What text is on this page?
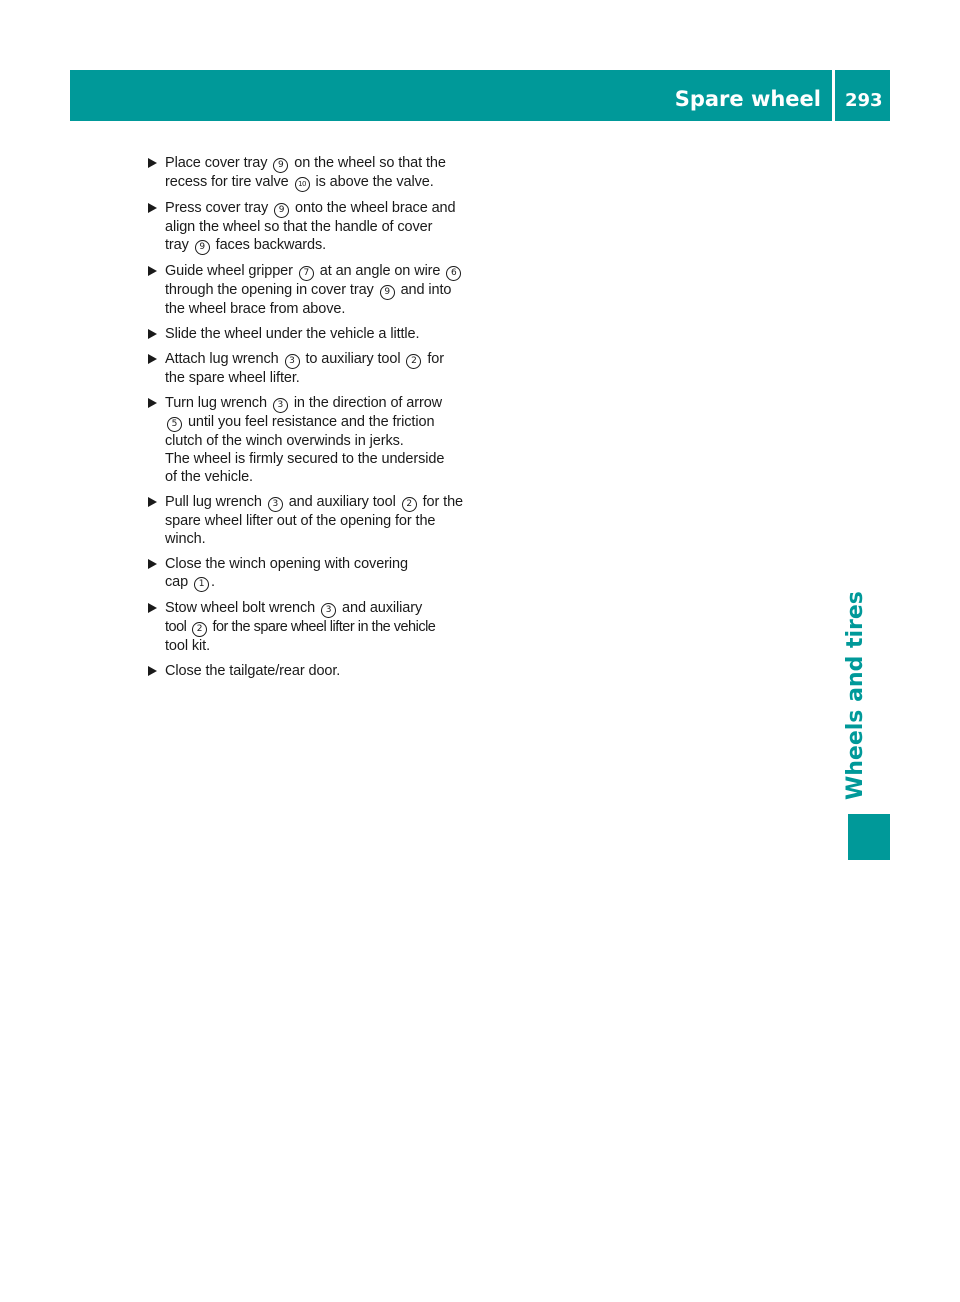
Spare wheel 293
Wheels and tires
Place cover tray 9 on the wheel so that the
recess for tire valve 10 is above the valve.
Press cover tray 9 onto the wheel brace and
align the wheel so that the handle of cover
tray 9 faces backwards.
Guide wheel gripper 7 at an angle on wire 6
through the opening in cover tray 9 and into
the wheel brace from above.
Slide the wheel under the vehicle a little.
Attach lug wrench 3 to auxiliary tool 2 for
the spare wheel lifter.
Turn lug wrench 3 in the direction of arrow
5 until you feel resistance and the friction
clutch of the winch overwinds in jerks.
The wheel is firmly secured to the underside
of the vehicle.
Pull lug wrench 3 and auxiliary tool 2 for the
spare wheel lifter out of the opening for the
winch.
Close the winch opening with covering
cap 1 .
Stow wheel bolt wrench 3 and auxiliary
tool 2 for the spare wheel lifter in the vehicle
tool kit.
Close the tailgate/rear door.
